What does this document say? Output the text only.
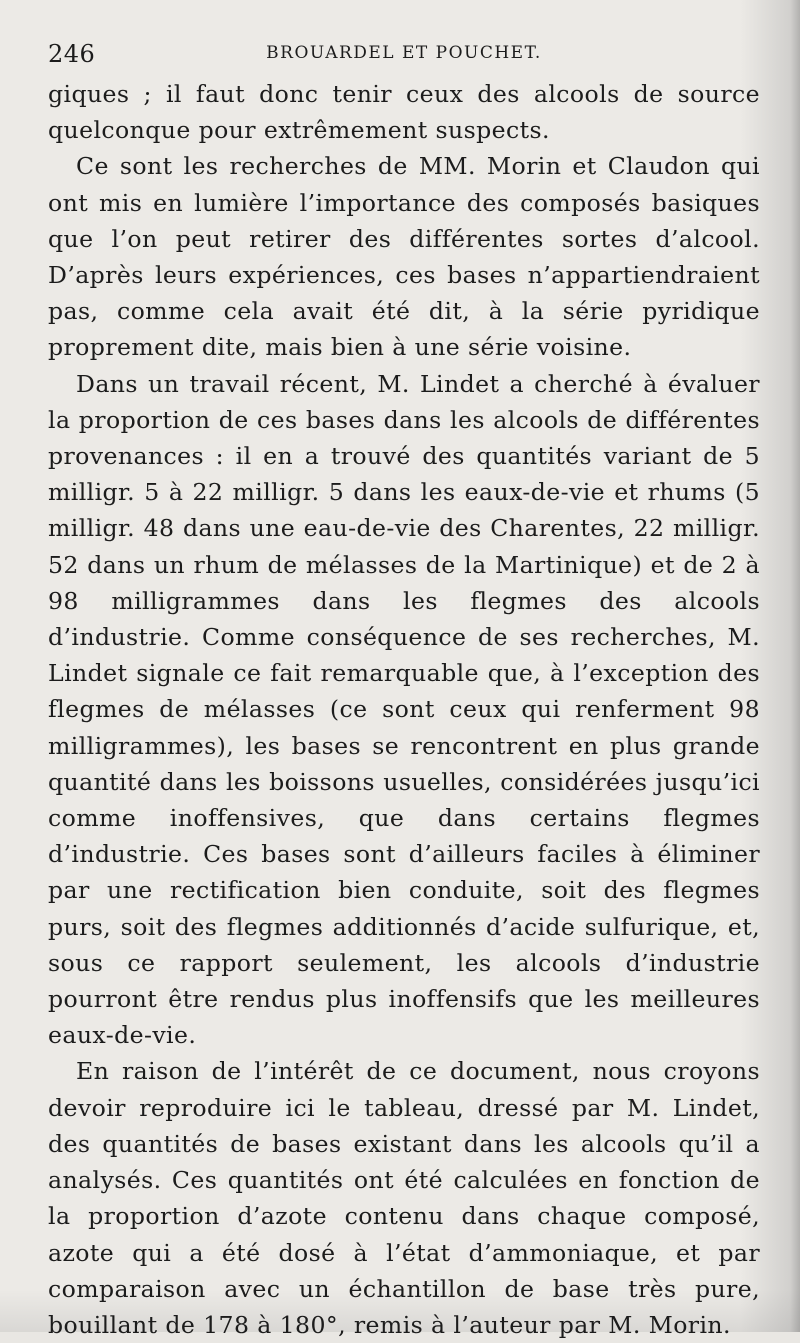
246	BROUARDEL ET POUCHET.

giques ; il faut donc tenir ceux des alcools de source quelconque pour extrêmement suspects.

Ce sont les recherches de MM. Morin et Claudon qui ont mis en lumière l’importance des composés basiques que l’on peut retirer des différentes sortes d’alcool. D’après leurs expériences, ces bases n’appartiendraient pas, comme cela avait été dit, à la série pyridique proprement dite, mais bien à une série voisine.

Dans un travail récent, M. Lindet a cherché à évaluer la proportion de ces bases dans les alcools de différentes provenances : il en a trouvé des quantités variant de 5 milligr. 5 à 22 milligr. 5 dans les eaux-de-vie et rhums (5 milligr. 48 dans une eau-de-vie des Charentes, 22 milligr. 52 dans un rhum de mélasses de la Martinique) et de 2 à 98 milligrammes dans les flegmes des alcools d’industrie. Comme conséquence de ses recherches, M. Lindet signale ce fait remarquable que, à l’exception des flegmes de mélasses (ce sont ceux qui renferment 98 milligrammes), les bases se rencontrent en plus grande quantité dans les boissons usuelles, considérées jusqu’ici comme inoffensives, que dans certains flegmes d’industrie. Ces bases sont d’ailleurs faciles à éliminer par une rectification bien conduite, soit des flegmes purs, soit des flegmes additionnés d’acide sulfurique, et, sous ce rapport seulement, les alcools d’industrie pourront être rendus plus inoffensifs que les meilleures eaux-de-vie.

En raison de l’intérêt de ce document, nous croyons devoir reproduire ici le tableau, dressé par M. Lindet, des quantités de bases existant dans les alcools qu’il a analysés. Ces quantités ont été calculées en fonction de la proportion d’azote contenu dans chaque composé, azote qui a été dosé à l’état d’ammoniaque, et par comparaison avec un échantillon de base très pure, bouillant de 178 à 180°, remis à l’auteur par M. Morin.
